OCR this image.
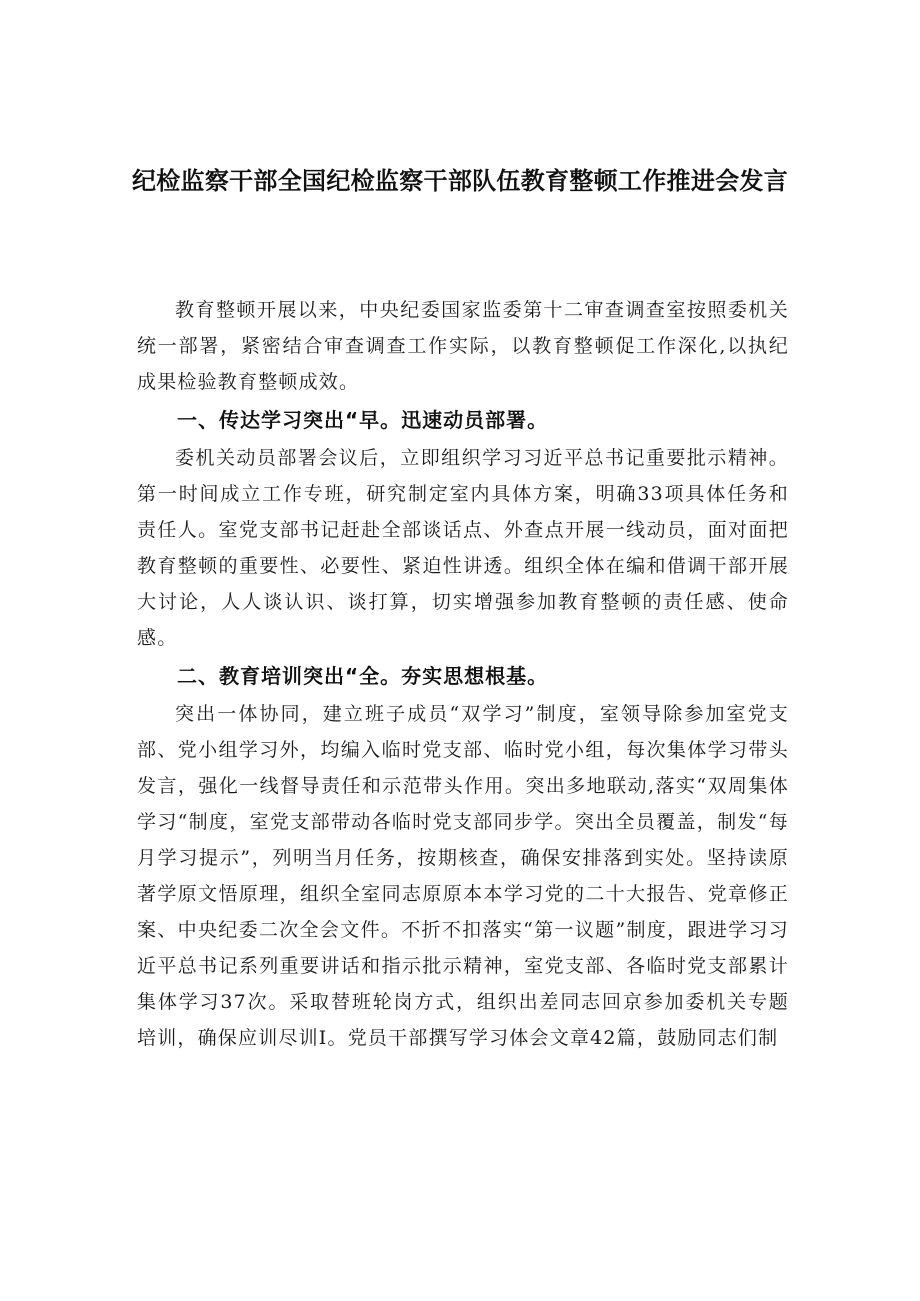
纪检监察干部全国纪检监察干部队伍教育整顿工作推进会发言

教育整顿开展以来，中央纪委国家监委第十二审查调查室按照委机关统一部署，紧密结合审查调查工作实际，以教育整顿促工作深化,以执纪成果检验教育整顿成效。

一、传达学习突出“早。迅速动员部署。

委机关动员部署会议后，立即组织学习习近平总书记重要批示精神。第一时间成立工作专班，研究制定室内具体方案，明确33项具体任务和责任人。室党支部书记赶赴全部谈话点、外查点开展一线动员，面对面把教育整顿的重要性、必要性、紧迫性讲透。组织全体在编和借调干部开展大讨论，人人谈认识、谈打算，切实增强参加教育整顿的责任感、使命感。

二、教育培训突出“全。夯实思想根基。

突出一体协同，建立班子成员“双学习”制度，室领导除参加室党支部、党小组学习外，均编入临时党支部、临时党小组，每次集体学习带头发言，强化一线督导责任和示范带头作用。突出多地联动,落实“双周集体学习“制度，室党支部带动各临时党支部同步学。突出全员覆盖，制发“每月学习提示”，列明当月任务，按期核查，确保安排落到实处。坚持读原著学原文悟原理，组织全室同志原原本本学习党的二十大报告、党章修正案、中央纪委二次全会文件。不折不扣落实“第一议题”制度，跟进学习习近平总书记系列重要讲话和指示批示精神，室党支部、各临时党支部累计集体学习37次。采取替班轮岗方式，组织出差同志回京参加委机关专题培训，确保应训尽训I。党员干部撰写学习体会文章42篇，鼓励同志们制
